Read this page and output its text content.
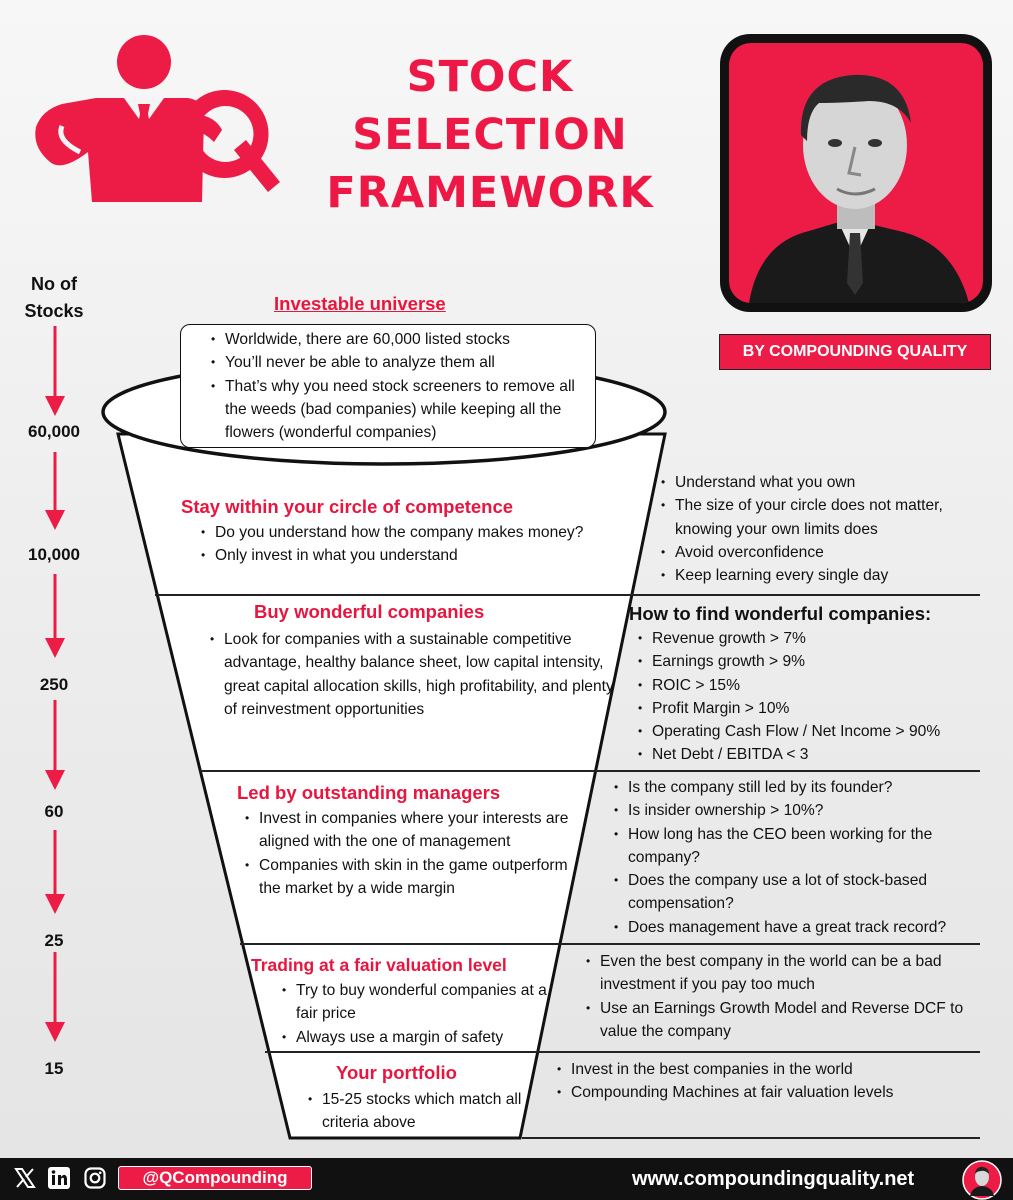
STOCK
SELECTION
FRAMEWORK
BY COMPOUNDING QUALITY
No of
Stocks
60,000
10,000
250
60
25
15
Investable universe
• Worldwide, there are 60,000 listed stocks
• You’ll never be able to analyze them all
• That’s why you need stock screeners to remove all the weeds (bad companies) while keeping all the flowers (wonderful companies)
Stay within your circle of competence
• Do you understand how the company makes money?
• Only invest in what you understand
• Understand what you own
• The size of your circle does not matter, knowing your own limits does
• Avoid overconfidence
• Keep learning every single day
Buy wonderful companies
• Look for companies with a sustainable competitive advantage, healthy balance sheet, low capital intensity, great capital allocation skills, high profitability, and plenty of reinvestment opportunities
How to find wonderful companies:
• Revenue growth > 7%
• Earnings growth > 9%
• ROIC > 15%
• Profit Margin > 10%
• Operating Cash Flow / Net Income > 90%
• Net Debt / EBITDA < 3
Led by outstanding managers
• Invest in companies where your interests are aligned with the one of management
• Companies with skin in the game outperform the market by a wide margin
• Is the company still led by its founder?
• Is insider ownership > 10%?
• How long has the CEO been working for the company?
• Does the company use a lot of stock-based compensation?
• Does management have a great track record?
Trading at a fair valuation level
• Try to buy wonderful companies at a fair price
• Always use a margin of safety
• Even the best company in the world can be a bad investment if you pay too much
• Use an Earnings Growth Model and Reverse DCF to value the company
Your portfolio
• 15-25 stocks which match all criteria above
• Invest in the best companies in the world
• Compounding Machines at fair valuation levels
@QCompounding	www.compoundingquality.net
